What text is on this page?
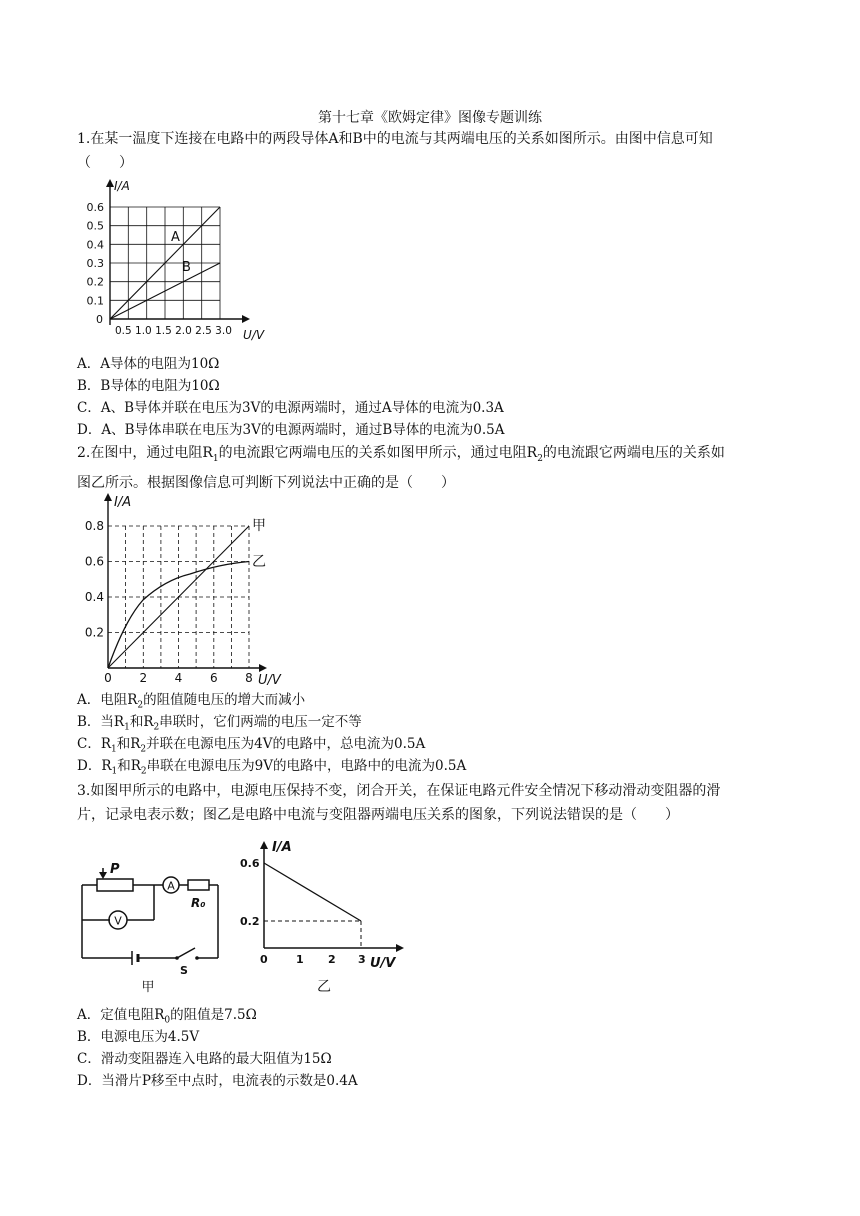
第十七章《欧姆定律》图像专题训练
1.在某一温度下连接在电路中的两段导体A和B中的电流与其两端电压的关系如图所示。由图中信息可知
（　　）
A
B
0.6
0.5
0.4
0.3
0.2
0.1
0
0.5 1.0 1.5 2.0 2.5 3.0
I/A
U/V
A．A导体的电阻为10Ω
B．B导体的电阻为10Ω
C．A、B导体并联在电压为3V的电源两端时，通过A导体的电流为0.3A
D．A、B导体串联在电压为3V的电源两端时，通过B导体的电流为0.5A
2.在图中，通过电阻$R_1$的电流跟它两端电压的关系如图甲所示，通过电阻$R_2$的电流跟它两端电压的关系如
图乙所示。根据图像信息可判断下列说法中正确的是（　　）
甲
乙
0.8
0.6
0.4
0.2
0 2 4 6 8
I/A
U/V
A．电阻$R_2$的阻值随电压的增大而减小
B．当$R_1$和$R_2$串联时，它们两端的电压一定不等
C．$R_1$和$R_2$并联在电源电压为4V的电路中，总电流为0.5A
D．$R_1$和$R_2$串联在电源电压为9V的电路中，电路中的电流为0.5A
3.如图甲所示的电路中，电源电压保持不变，闭合开关，在保证电路元件安全情况下移动滑动变阻器的滑
片，记录电表示数；图乙是电路中电流与变阻器两端电压关系的图象，下列说法错误的是（　　）
P
A
V
R₀
S
甲
0.6
0.2
0	1 2 3
I/A
U/V
乙
A．定值电阻$R_0$的阻值是7.5Ω
B．电源电压为4.5V
C．滑动变阻器连入电路的最大阻值为15Ω
D．当滑片P移至中点时，电流表的示数是0.4A
